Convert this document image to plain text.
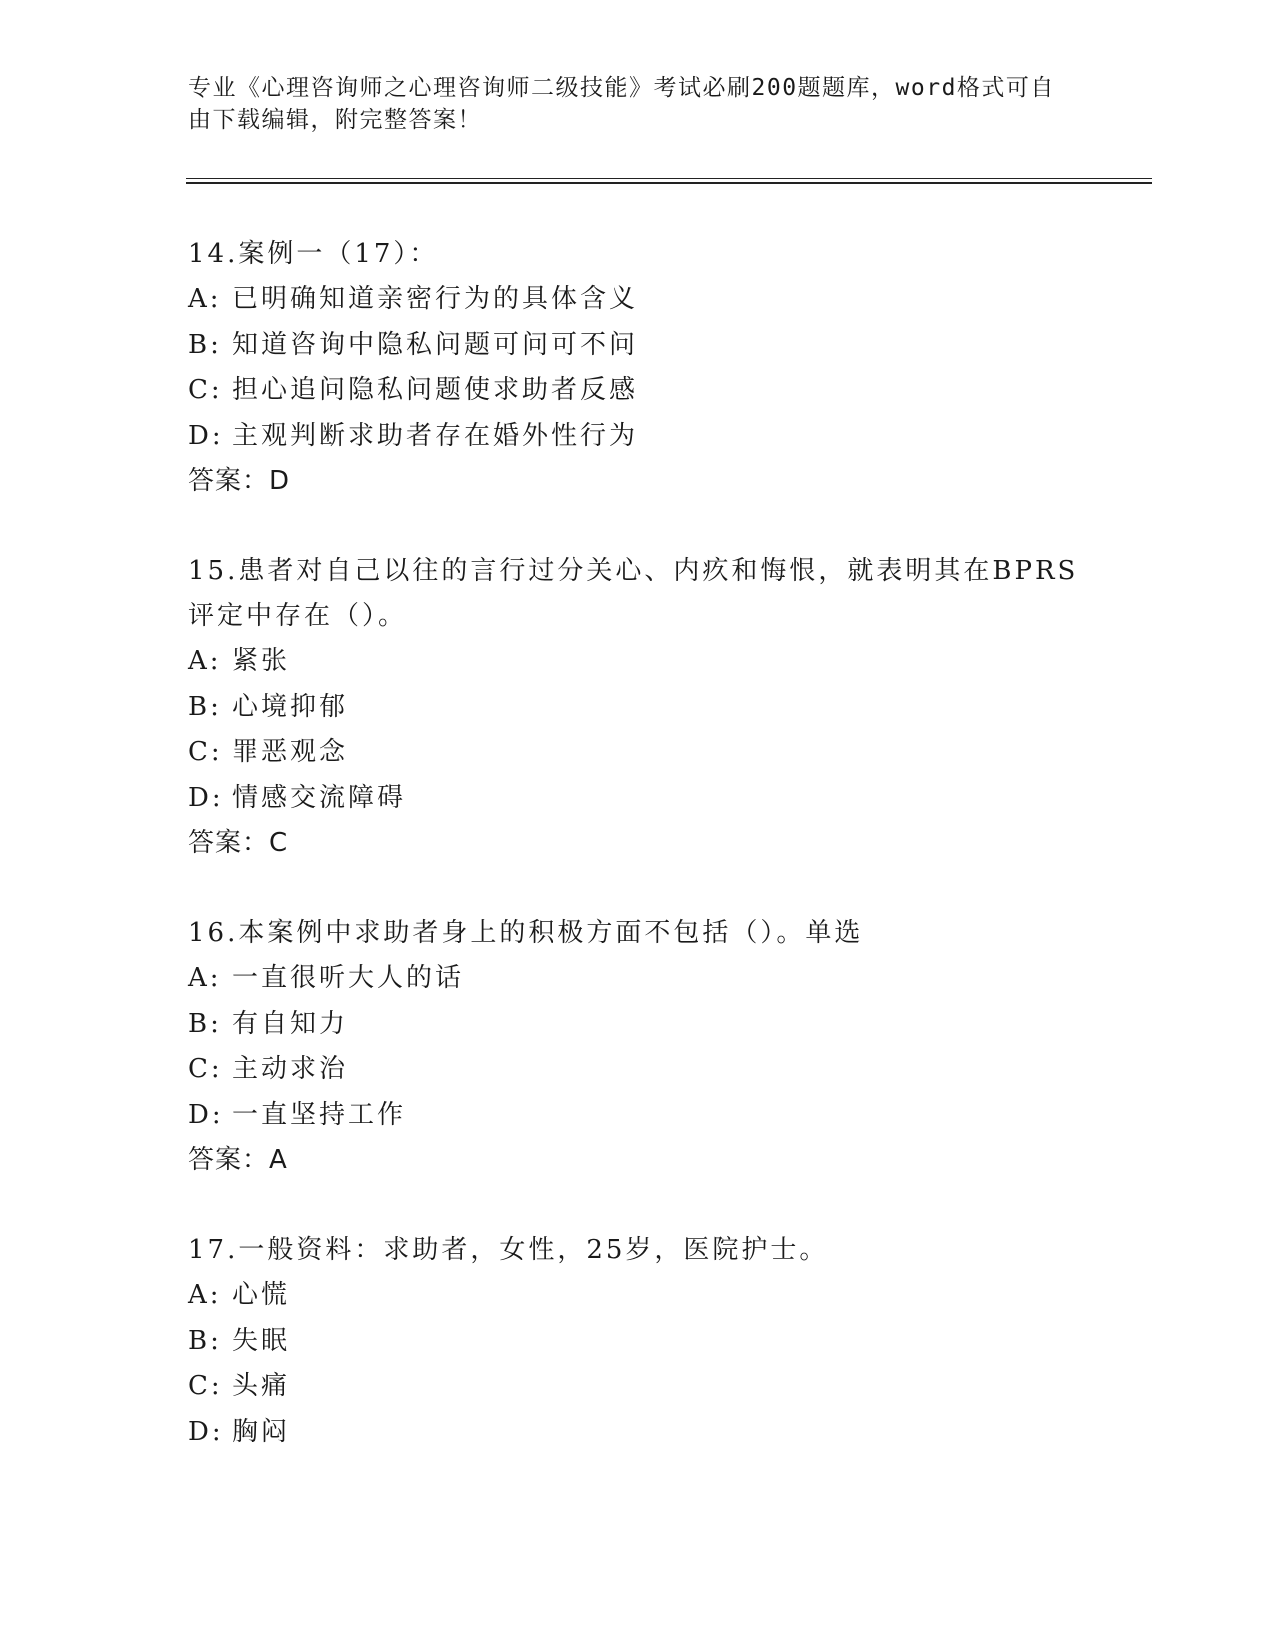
专业《心理咨询师之心理咨询师二级技能》考试必刷200题题库，word格式可自由下载编辑，附完整答案！
14.案例一（17）：
A: 已明确知道亲密行为的具体含义
B: 知道咨询中隐私问题可问可不问
C: 担心追问隐私问题使求助者反感
D: 主观判断求助者存在婚外性行为
答案：D
15.患者对自己以往的言行过分关心、内疚和悔恨，就表明其在BPRS评定中存在（）。
A: 紧张
B: 心境抑郁
C: 罪恶观念
D: 情感交流障碍
答案：C
16.本案例中求助者身上的积极方面不包括（）。单选
A: 一直很听大人的话
B: 有自知力
C: 主动求治
D: 一直坚持工作
答案：A
17.一般资料：求助者，女性，25岁，医院护士。
A: 心慌
B: 失眠
C: 头痛
D: 胸闷
